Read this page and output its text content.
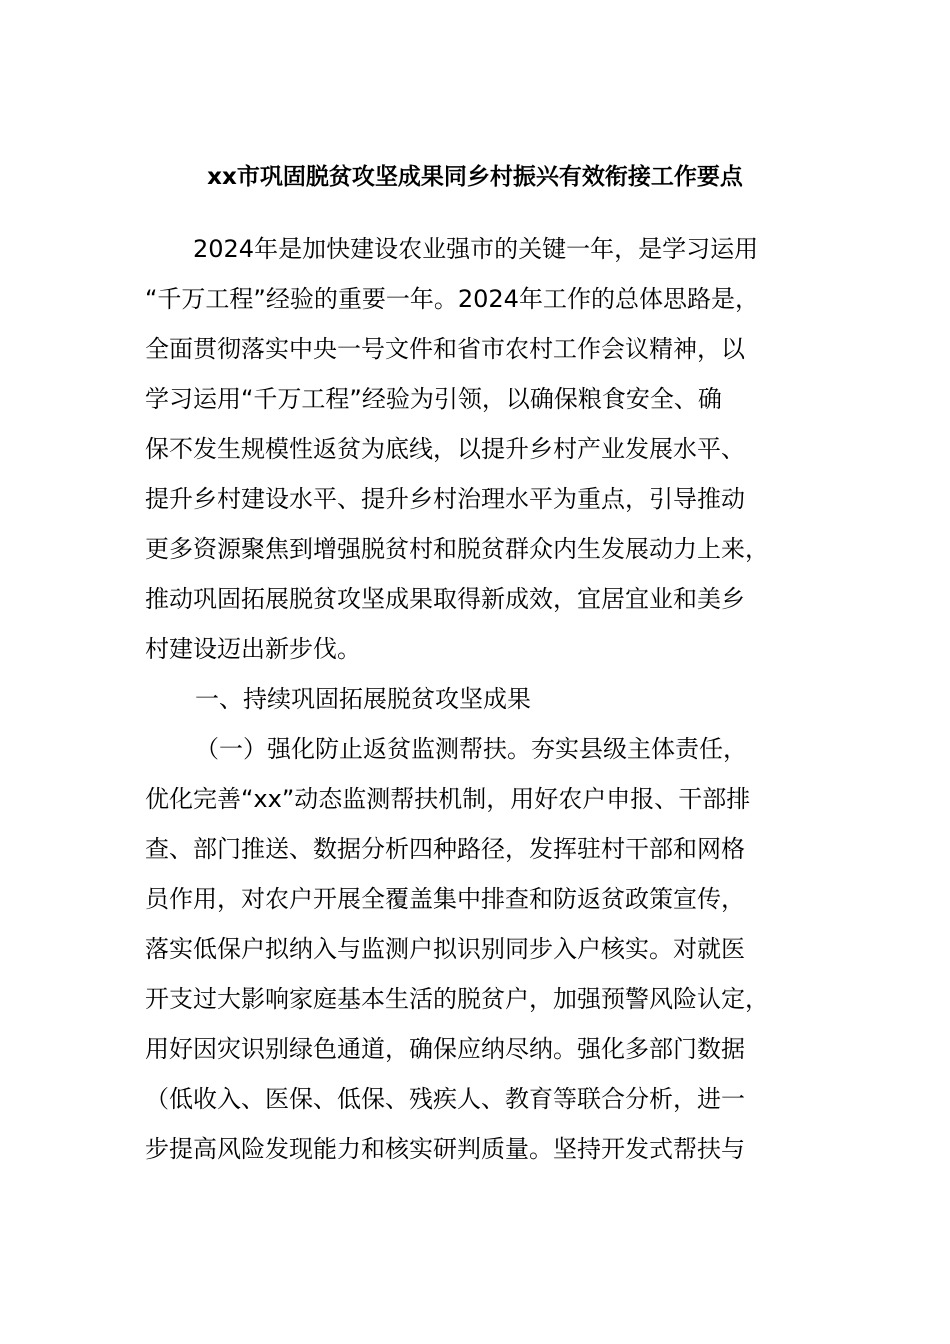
xx市巩固脱贫攻坚成果同乡村振兴有效衔接工作要点
2024年是加快建设农业强市的关键一年，是学习运用
“千万工程”经验的重要一年。2024年工作的总体思路是，
全面贯彻落实中央一号文件和省市农村工作会议精神，以
学习运用“千万工程”经验为引领，以确保粮食安全、确
保不发生规模性返贫为底线，以提升乡村产业发展水平、
提升乡村建设水平、提升乡村治理水平为重点，引导推动
更多资源聚焦到增强脱贫村和脱贫群众内生发展动力上来，
推动巩固拓展脱贫攻坚成果取得新成效，宜居宜业和美乡
村建设迈出新步伐。
一、持续巩固拓展脱贫攻坚成果
（一）强化防止返贫监测帮扶。夯实县级主体责任，
优化完善“xx”动态监测帮扶机制，用好农户申报、干部排
查、部门推送、数据分析四种路径，发挥驻村干部和网格
员作用，对农户开展全覆盖集中排查和防返贫政策宣传，
落实低保户拟纳入与监测户拟识别同步入户核实。对就医
开支过大影响家庭基本生活的脱贫户，加强预警风险认定，
用好因灾识别绿色通道，确保应纳尽纳。强化多部门数据
（低收入、医保、低保、残疾人、教育等联合分析，进一
步提高风险发现能力和核实研判质量。坚持开发式帮扶与
